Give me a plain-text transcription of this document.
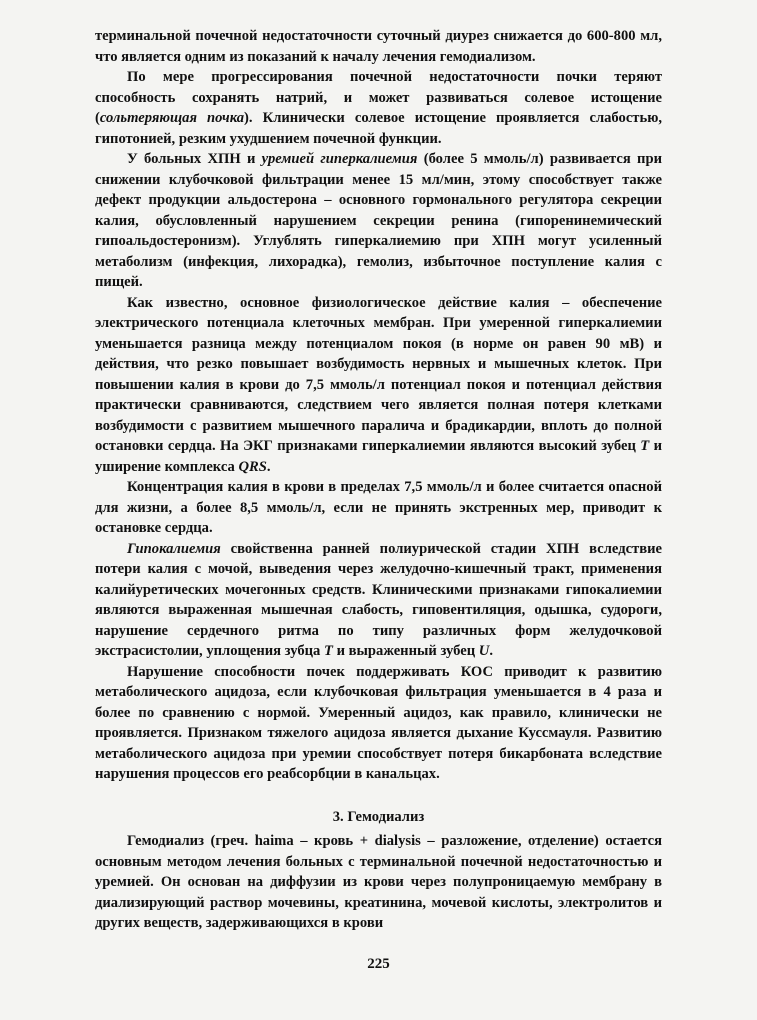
терминальной почечной недостаточности суточный диурез снижается до 600-800 мл, что является одним из показаний к началу лечения гемодиализом.

По мере прогрессирования почечной недостаточности почки теряют способность сохранять натрий, и может развиваться солевое истощение (сольтеряющая почка). Клинически солевое истощение проявляется слабостью, гипотонией, резким ухудшением почечной функции.

У больных ХПН и уремией гиперкалиемия (более 5 ммоль/л) развивается при снижении клубочковой фильтрации менее 15 мл/мин, этому способствует также дефект продукции альдостерона – основного гормонального регулятора секреции калия, обусловленный нарушением секреции ренина (гипоренинемический гипоальдостеронизм). Углублять гиперкалиемию при ХПН могут усиленный метаболизм (инфекция, лихорадка), гемолиз, избыточное поступление калия с пищей.

Как известно, основное физиологическое действие калия – обеспечение электрического потенциала клеточных мембран. При умеренной гиперкалиемии уменьшается разница между потенциалом покоя (в норме он равен 90 мВ) и действия, что резко повышает возбудимость нервных и мышечных клеток. При повышении калия в крови до 7,5 ммоль/л потенциал покоя и потенциал действия практически сравниваются, следствием чего является полная потеря клетками возбудимости с развитием мышечного паралича и брадикардии, вплоть до полной остановки сердца. На ЭКГ признаками гиперкалиемии являются высокий зубец Т и уширение комплекса QRS.

Концентрация калия в крови в пределах 7,5 ммоль/л и более считается опасной для жизни, а более 8,5 ммоль/л, если не принять экстренных мер, приводит к остановке сердца.

Гипокалиемия свойственна ранней полиурической стадии ХПН вследствие потери калия с мочой, выведения через желудочно-кишечный тракт, применения калийуретических мочегонных средств. Клиническими признаками гипокалиемии являются выраженная мышечная слабость, гиповентиляция, одышка, судороги, нарушение сердечного ритма по типу различных форм желудочковой экстрасистолии, уплощения зубца Т и выраженный зубец U.

Нарушение способности почек поддерживать КОС приводит к развитию метаболического ацидоза, если клубочковая фильтрация уменьшается в 4 раза и более по сравнению с нормой. Умеренный ацидоз, как правило, клинически не проявляется. Признаком тяжелого ацидоза является дыхание Куссмауля. Развитию метаболического ацидоза при уремии способствует потеря бикарбоната вследствие нарушения процессов его реабсорбции в канальцах.

3. Гемодиализ

Гемодиализ (греч. haima – кровь + dialysis – разложение, отделение) остается основным методом лечения больных с терминальной почечной недостаточностью и уремией. Он основан на диффузии из крови через полупроницаемую мембрану в диализирующий раствор мочевины, креатинина, мочевой кислоты, электролитов и других веществ, задерживающихся в крови

225
